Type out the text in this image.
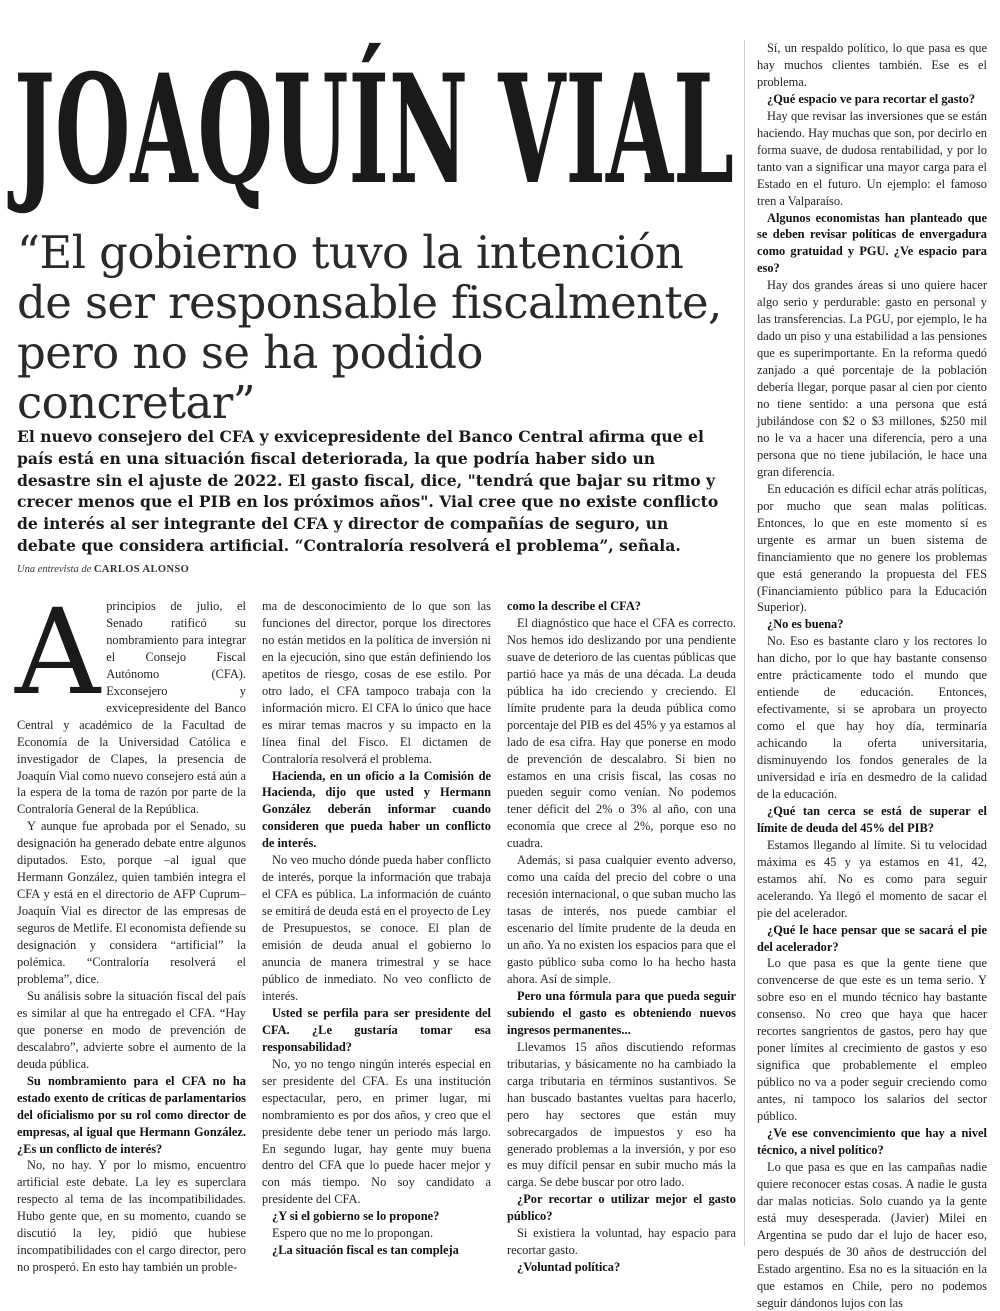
JOAQUÍN VIAL
“El gobierno tuvo la intención
de ser responsable fiscalmente,
pero no se ha podido concretar”
El nuevo consejero del CFA y exvicepresidente del Banco Central afirma que el país está en una situación fiscal deteriorada, la que podría haber sido un desastre sin el ajuste de 2022. El gasto fiscal, dice, "tendrá que bajar su ritmo y crecer menos que el PIB en los próximos años". Vial cree que no existe conflicto de interés al ser integrante del CFA y director de compañías de seguro, un debate que considera artificial. “Contraloría resolverá el problema”, señala.
Una entrevista de CARLOS ALONSO

Aprincipios de julio, el Senado ratificó su nombramiento para integrar el Consejo Fiscal Autónomo (CFA). Exconsejero y exvicepresidente del Banco Central y académico de la Facultad de Economía de la Universidad Católica e investigador de Clapes, la presencia de Joaquín Vial como nuevo consejero está aún a la espera de la toma de razón por parte de la Contraloría General de la República.

Y aunque fue aprobada por el Senado, su designación ha generado debate entre algunos diputados. Esto, porque –al igual que Hermann González, quien también integra el CFA y está en el directorio de AFP Cuprum– Joaquín Vial es director de las empresas de seguros de Metlife. El economista defiende su designación y considera “artificial” la polémica. “Contraloría resolverá el problema”, dice.

Su análisis sobre la situación fiscal del país es similar al que ha entregado el CFA. “Hay que ponerse en modo de prevención de descalabro”, advierte sobre el aumento de la deuda pública.

Su nombramiento para el CFA no ha estado exento de críticas de parlamentarios del oficialismo por su rol como director de empresas, al igual que Hermann González. ¿Es un conflicto de interés?

No, no hay. Y por lo mismo, encuentro artificial este debate. La ley es superclara respecto al tema de las incompatibilidades. Hubo gente que, en su momento, cuando se discutió la ley, pidió que hubiese incompatibilidades con el cargo director, pero no prosperó. En esto hay también un proble-

ma de desconocimiento de lo que son las funciones del director, porque los directores no están metidos en la política de inversión ni en la ejecución, sino que están definiendo los apetitos de riesgo, cosas de ese estilo. Por otro lado, el CFA tampoco trabaja con la información micro. El CFA lo único que hace es mirar temas macros y su impacto en la línea final del Fisco. El dictamen de Contraloría resolverá el problema.

Hacienda, en un oficio a la Comisión de Hacienda, dijo que usted y Hermann González deberán informar cuando consideren que pueda haber un conflicto de interés.

No veo mucho dónde pueda haber conflicto de interés, porque la información que trabaja el CFA es pública. La información de cuánto se emitirá de deuda está en el proyecto de Ley de Presupuestos, se conoce. El plan de emisión de deuda anual el gobierno lo anuncia de manera trimestral y se hace público de inmediato. No veo conflicto de interés.

Usted se perfila para ser presidente del CFA. ¿Le gustaría tomar esa responsabilidad?

No, yo no tengo ningún interés especial en ser presidente del CFA. Es una institución espectacular, pero, en primer lugar, mi nombramiento es por dos años, y creo que el presidente debe tener un periodo más largo. En segundo lugar, hay gente muy buena dentro del CFA que lo puede hacer mejor y con más tiempo. No soy candidato a presidente del CFA.

¿Y si el gobierno se lo propone?

Espero que no me lo propongan.

¿La situación fiscal es tan compleja

como la describe el CFA?

El diagnóstico que hace el CFA es correcto. Nos hemos ido deslizando por una pendiente suave de deterioro de las cuentas públicas que partió hace ya más de una década. La deuda pública ha ido creciendo y creciendo. El límite prudente para la deuda pública como porcentaje del PIB es del 45% y ya estamos al lado de esa cifra. Hay que ponerse en modo de prevención de descalabro. Si bien no estamos en una crisis fiscal, las cosas no pueden seguir como venían. No podemos tener déficit del 2% o 3% al año, con una economía que crece al 2%, porque eso no cuadra.

Además, si pasa cualquier evento adverso, como una caída del precio del cobre o una recesión internacional, o que suban mucho las tasas de interés, nos puede cambiar el escenario del límite prudente de la deuda en un año. Ya no existen los espacios para que el gasto público suba como lo ha hecho hasta ahora. Así de simple.

Pero una fórmula para que pueda seguir subiendo el gasto es obteniendo nuevos ingresos permanentes...

Llevamos 15 años discutiendo reformas tributarias, y básicamente no ha cambiado la carga tributaria en términos sustantivos. Se han buscado bastantes vueltas para hacerlo, pero hay sectores que están muy sobrecargados de impuestos y eso ha generado problemas a la inversión, y por eso es muy difícil pensar en subir mucho más la carga. Se debe buscar por otro lado.

¿Por recortar o utilizar mejor el gasto público?

Si existiera la voluntad, hay espacio para recortar gasto.

¿Voluntad política?

Sí, un respaldo político, lo que pasa es que hay muchos clientes también. Ese es el problema.

¿Qué espacio ve para recortar el gasto?

Hay que revisar las inversiones que se están haciendo. Hay muchas que son, por decirlo en forma suave, de dudosa rentabilidad, y por lo tanto van a significar una mayor carga para el Estado en el futuro. Un ejemplo: el famoso tren a Valparaíso.

Algunos economistas han planteado que se deben revisar políticas de envergadura como gratuidad y PGU. ¿Ve espacio para eso?

Hay dos grandes áreas si uno quiere hacer algo serio y perdurable: gasto en personal y las transferencias. La PGU, por ejemplo, le ha dado un piso y una estabilidad a las pensiones que es superimportante. En la reforma quedó zanjado a qué porcentaje de la población debería llegar, porque pasar al cien por ciento no tiene sentido: a una persona que está jubilándose con $2 o $3 millones, $250 mil no le va a hacer una diferencia, pero a una persona que no tiene jubilación, le hace una gran diferencia.

En educación es difícil echar atrás políticas, por mucho que sean malas políticas. Entonces, lo que en este momento sí es urgente es armar un buen sistema de financiamiento que no genere los problemas que está generando la propuesta del FES (Financiamiento público para la Educación Superior).

¿No es buena?

No. Eso es bastante claro y los rectores lo han dicho, por lo que hay bastante consenso entre prácticamente todo el mundo que entiende de educación. Entonces, efectivamente, si se aprobara un proyecto como el que hay hoy día, terminaría achicando la oferta universitaria, disminuyendo los fondos generales de la universidad e iría en desmedro de la calidad de la educación.

¿Qué tan cerca se está de superar el límite de deuda del 45% del PIB?

Estamos llegando al límite. Si tu velocidad máxima es 45 y ya estamos en 41, 42, estamos ahí. No es como para seguir acelerando. Ya llegó el momento de sacar el pie del acelerador.

¿Qué le hace pensar que se sacará el pie del acelerador?

Lo que pasa es que la gente tiene que convencerse de que este es un tema serio. Y sobre eso en el mundo técnico hay bastante consenso. No creo que haya que hacer recortes sangrientos de gastos, pero hay que poner límites al crecimiento de gastos y eso significa que probablemente el empleo público no va a poder seguir creciendo como antes, ni tampoco los salarios del sector público.

¿Ve ese convencimiento que hay a nivel técnico, a nivel político?

Lo que pasa es que en las campañas nadie quiere reconocer estas cosas. A nadie le gusta dar malas noticias. Solo cuando ya la gente está muy desesperada. (Javier) Milei en Argentina se pudo dar el lujo de hacer eso, pero después de 30 años de destrucción del Estado argentino. Esa no es la situación en la que estamos en Chile, pero no podemos seguir dándonos lujos con las
